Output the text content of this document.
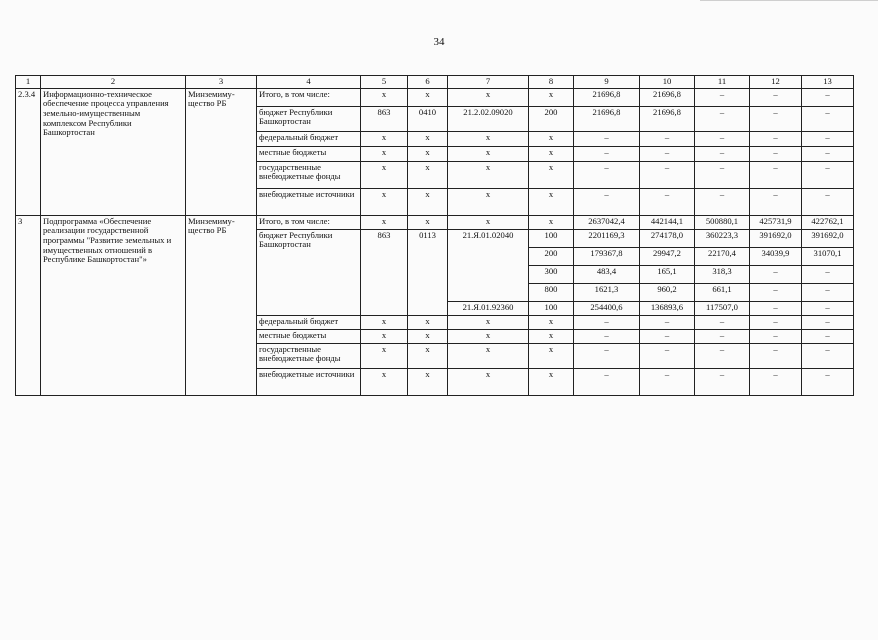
34
1	2	3	4	5	6	7	8	9	10	11	12	13
2.3.4	Информационно-техническое обеспечение процесса управления земельно-имущественным комплексом Республики Башкортостан	Минземиму-щество РБ	Итого, в том числе:	x	x	x	x	21696,8	21696,8	–	–	–
			бюджет Республики Башкортостан	863	0410	21.2.02.09020	200	21696,8	21696,8	–	–	–
			федеральный бюджет	x	x	x	x	–	–	–	–	–
			местные бюджеты	x	x	x	x	–	–	–	–	–
			государственные внебюджетные фонды	x	x	x	x	–	–	–	–	–
			внебюджетные источники	x	x	x	x	–	–	–	–	–
3	Подпрограмма «Обеспечение реализации государственной программы "Развитие земельных и имущественных отношений в Республике Башкортостан"»	Минземиму-щество РБ	Итого, в том числе:	x	x	x	x	2637042,4	442144,1	500880,1	425731,9	422762,1
			бюджет Республики Башкортостан	863	0113	21.Я.01.02040	100	2201169,3	274178,0	360223,3	391692,0	391692,0
							200	179367,8	29947,2	22170,4	34039,9	31070,1
							300	483,4	165,1	318,3	–	–
							800	1621,3	960,2	661,1	–	–
						21.Я.01.92360	100	254400,6	136893,6	117507,0	–	–
			федеральный бюджет	x	x	x	x	–	–	–	–	–
			местные бюджеты	x	x	x	x	–	–	–	–	–
			государственные внебюджетные фонды	x	x	x	x	–	–	–	–	–
			внебюджетные источники	x	x	x	x	–	–	–	–	–
